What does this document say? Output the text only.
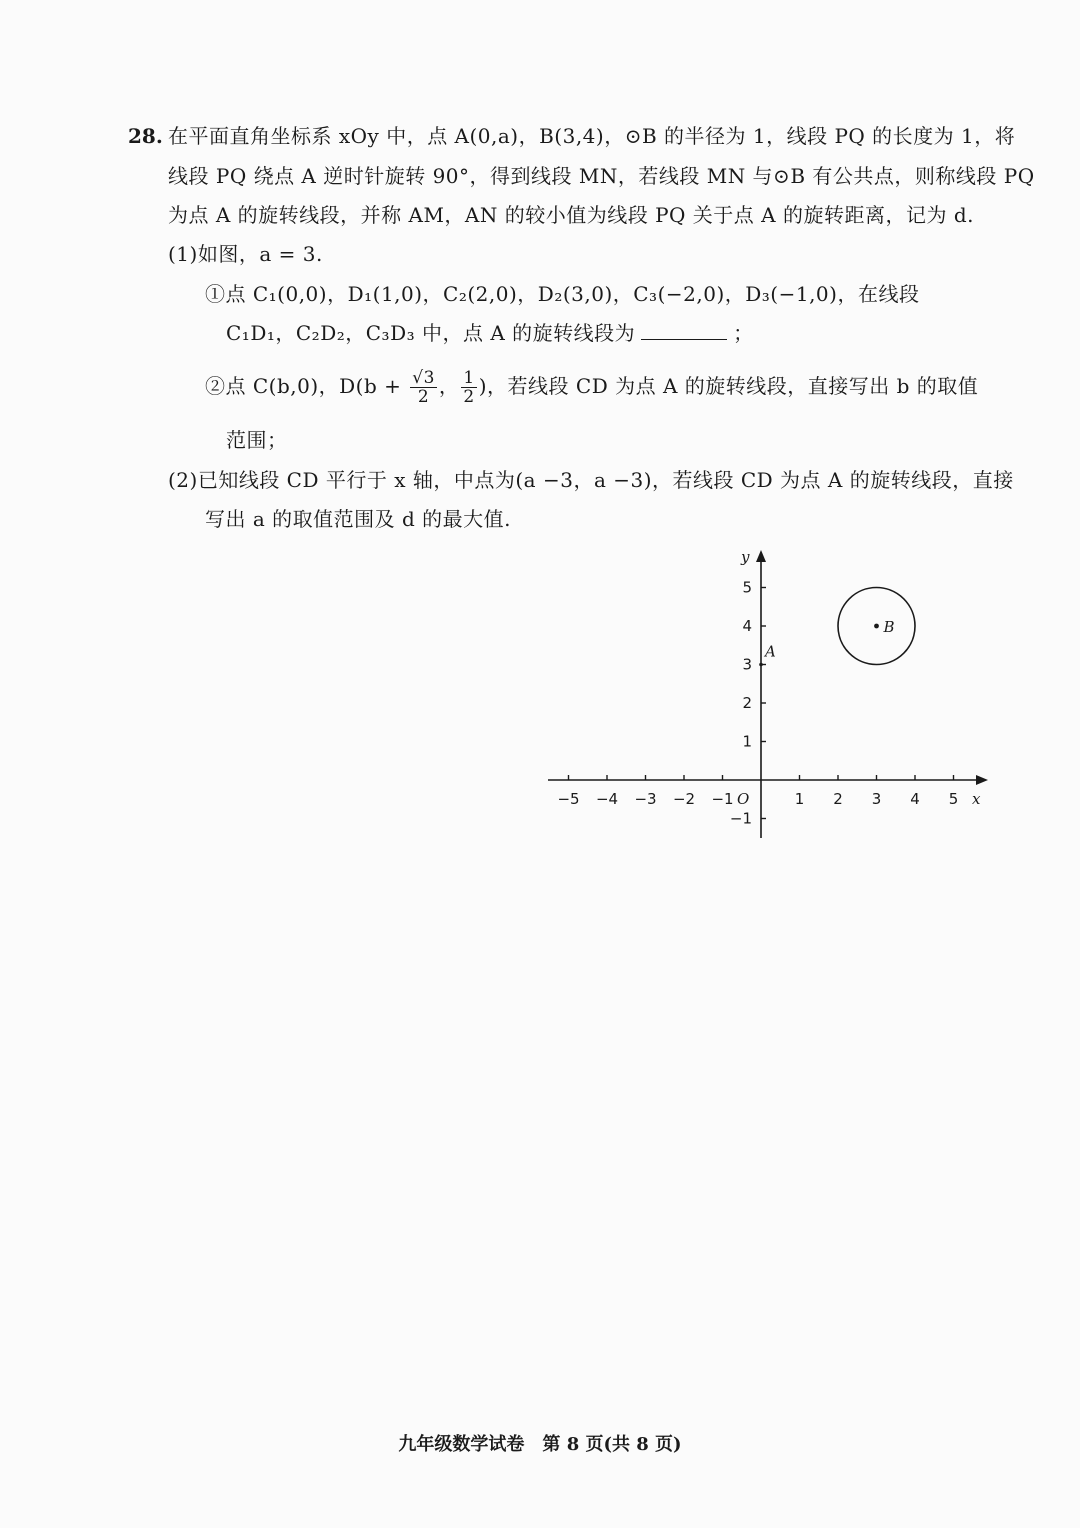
28. 在平面直角坐标系 xOy 中，点 A(0,a)，B(3,4)，⊙B 的半径为 1，线段 PQ 的长度为 1，将
线段 PQ 绕点 A 逆时针旋转 90°，得到线段 MN，若线段 MN 与⊙B 有公共点，则称线段 PQ
为点 A 的旋转线段，并称 AM，AN 的较小值为线段 PQ 关于点 A 的旋转距离，记为 d.
(1)如图，a = 3.
①点 C₁(0,0)，D₁(1,0)，C₂(2,0)，D₂(3,0)，C₃(−2,0)，D₃(−1,0)，在线段
C₁D₁，C₂D₂，C₃D₃ 中，点 A 的旋转线段为	；
②点 C(b,0)，$D(b + \frac{√3}{2}$ ， $\frac{1}{2}$ )，若线段 CD 为点 A 的旋转线段，直接写出 b 的取值
范围；
(2)已知线段 CD 平行于 x 轴，中点为(a −3，a −3)，若线段 CD 为点 A 的旋转线段，直接
写出 a 的取值范围及 d 的最大值.
x
y
O
−5 −4 −3 −2 −1	1 2 3 4 5
−1
1
2
3
4
5
B
A
九年级数学试卷　第 8 页(共 8 页)
